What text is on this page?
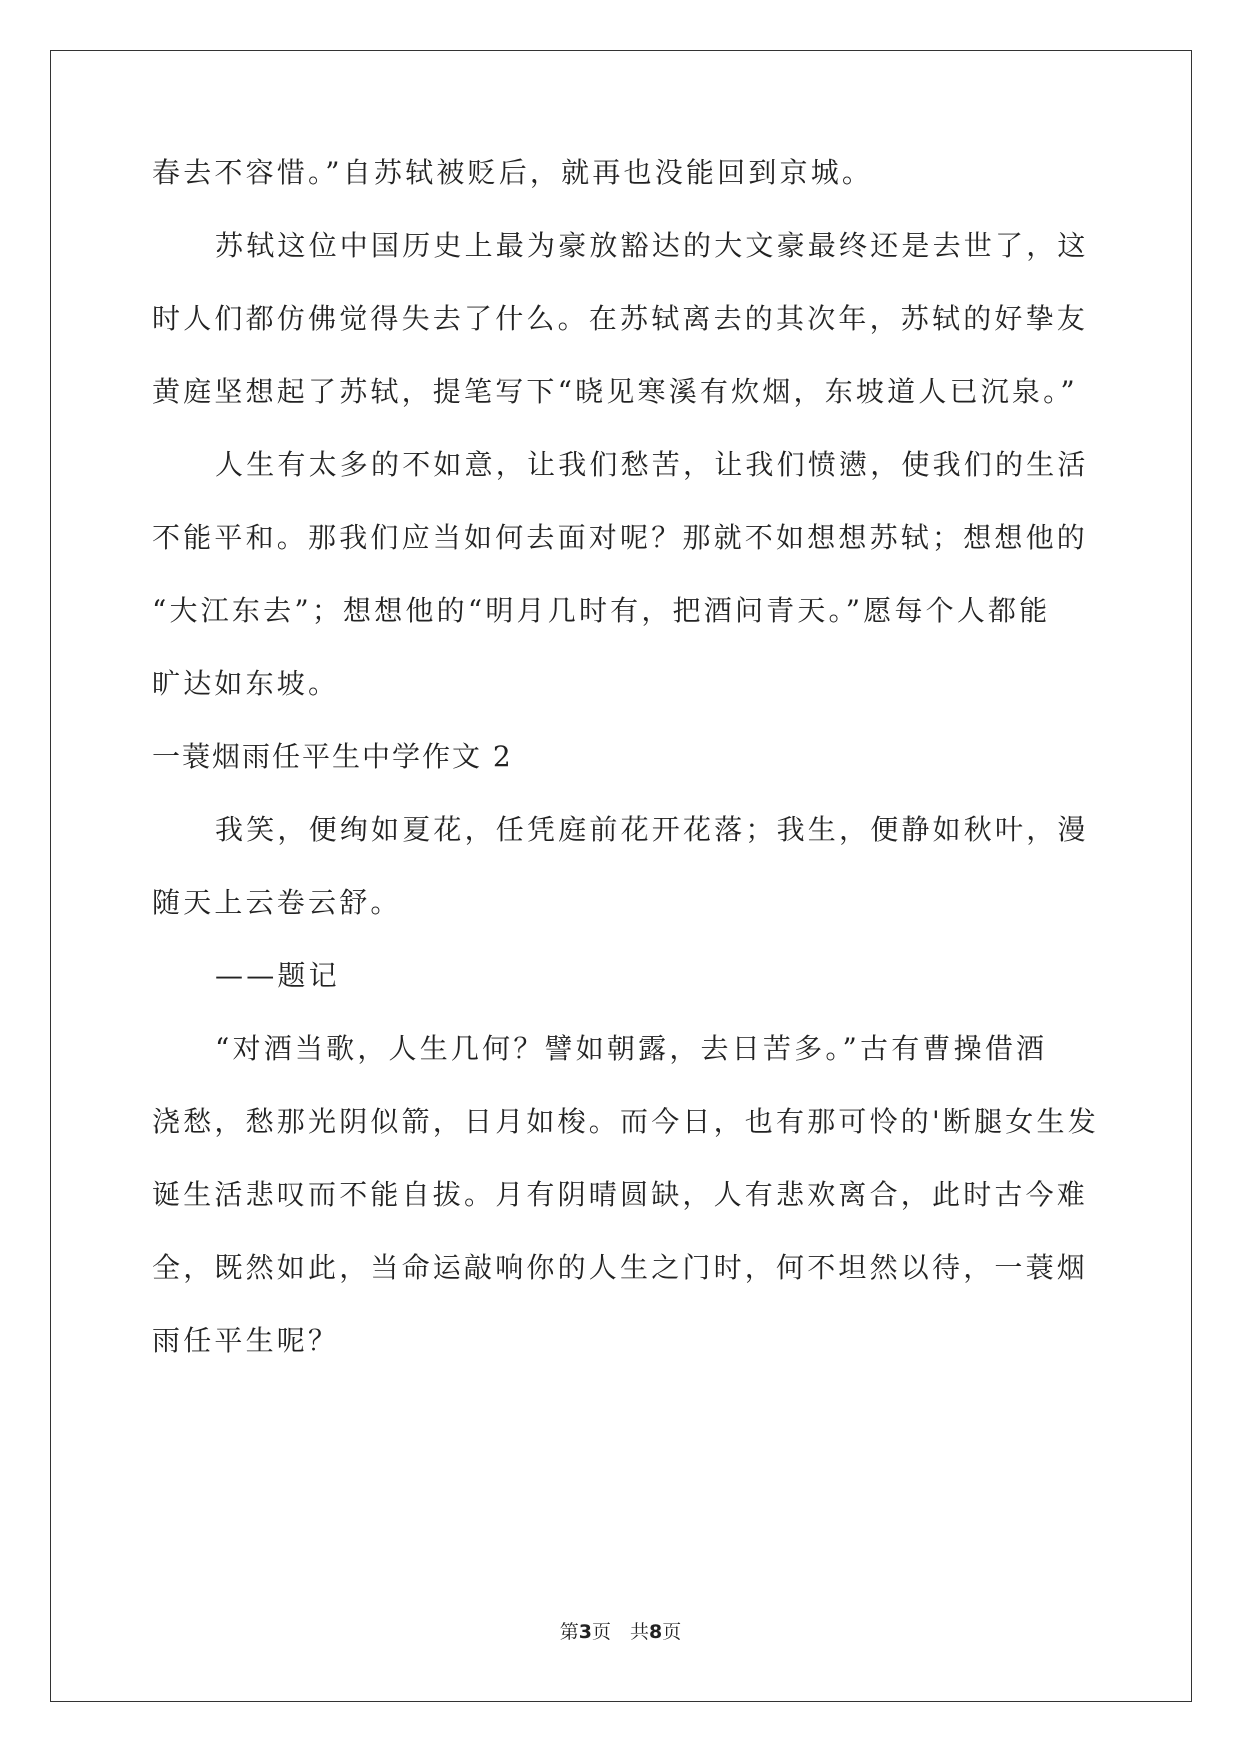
春去不容惜。”自苏轼被贬后，就再也没能回到京城。
苏轼这位中国历史上最为豪放豁达的大文豪最终还是去世了，这
时人们都仿佛觉得失去了什么。在苏轼离去的其次年，苏轼的好挚友
黄庭坚想起了苏轼，提笔写下“晓见寒溪有炊烟，东坡道人已沉泉。”
人生有太多的不如意，让我们愁苦，让我们愤懑，使我们的生活
不能平和。那我们应当如何去面对呢？那就不如想想苏轼；想想他的
“大江东去”；想想他的“明月几时有，把酒问青天。”愿每个人都能
旷达如东坡。
一蓑烟雨任平生中学作文 2
我笑，便绚如夏花，任凭庭前花开花落；我生，便静如秋叶，漫
随天上云卷云舒。
——题记
“对酒当歌，人生几何？譬如朝露，去日苦多。”古有曹操借酒
浇愁，愁那光阴似箭，日月如梭。而今日，也有那可怜的'断腿女生发
诞生活悲叹而不能自拔。月有阴晴圆缺，人有悲欢离合，此时古今难
全，既然如此，当命运敲响你的人生之门时，何不坦然以待，一蓑烟
雨任平生呢？
第3页　共8页
